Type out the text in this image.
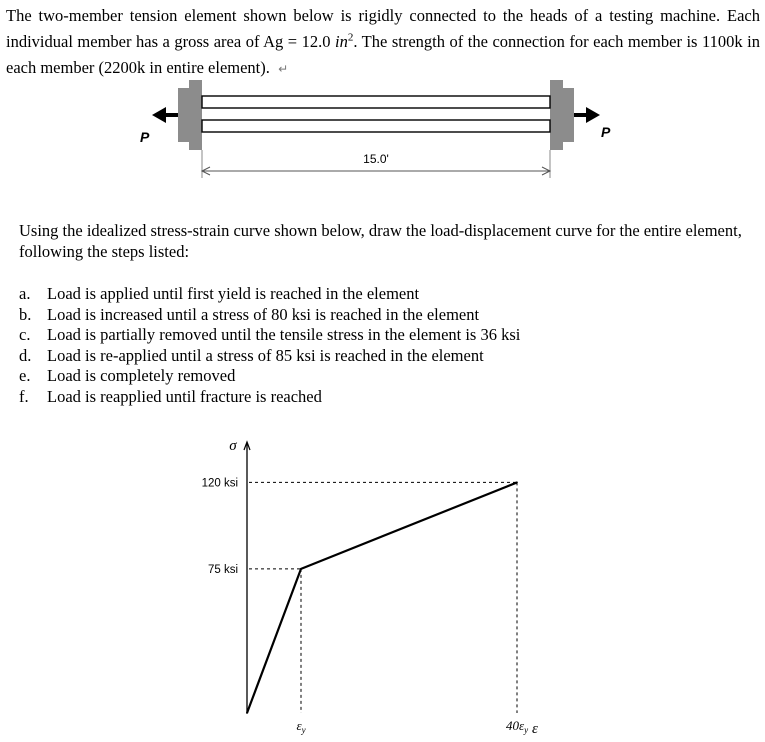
The two-member tension element shown below is rigidly connected to the heads of a testing machine. Each individual member has a gross area of Ag = 12.0 $in^2$. The strength of the connection for each member is 1100k in each member (2200k in entire element). ↵

P	P
15.0'

Using the idealized stress-strain curve shown below, draw the load-displacement curve for the entire element, following the steps listed:

a.	Load is applied until first yield is reached in the element
b. Load is increased until a stress of 80 ksi is reached in the element
c.	Load is partially removed until the tensile stress in the element is 36 ksi
d. Load is re-applied until a stress of 85 ksi is reached in the element
e.	Load is completely removed
f.	Load is reapplied until fracture is reached
σ
ε
75 ksi
120 ksi
$\varepsilon_y$	$40\varepsilon_y$
